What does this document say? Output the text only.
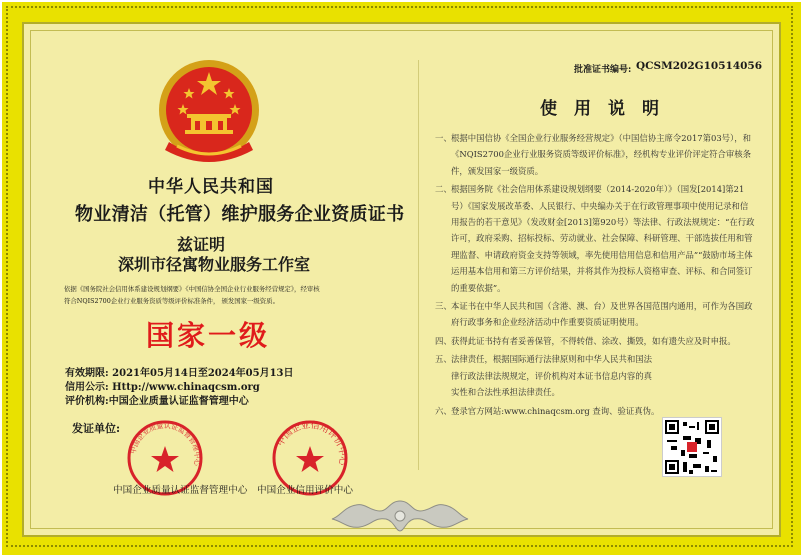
批准证书编号: QCSM202G10514056
中华人民共和国
物业清洁（托管）维护服务企业资质证书
兹证明
深圳市径寓物业服务工作室
依据《国务院社会信用体系建设规划纲要》《中国信协全国企业行业服务经营规定》，经审核
符合NQIS2700企业行业服务资质等级评价标准条件， 颁发国家一级资质。
国家一级
有效期限: 2021年05月14日至2024年05月13日
信用公示: Http://www.chinaqcsm.org
评价机构:中国企业质量认证监督管理中心
发证单位:
中国企业质量认证监督管理中心
中国企业信用评价中心
中国企业质量认证监督管理中心 中国企业信用评价中心
使　用　说　明
一、 根据中国信协《全国企业行业服务经营规定》（中国信协主席令2017第03号），和《NQIS2700企业行业服务资质等级评价标准》，经机构专业评价评定符合审核条件，颁发国家一级资质。
二、 根据国务院《社会信用体系建设规划纲要（2014-2020年）》（国发[2014]第21号）《国家发展改革委、人民银行、中央编办关于在行政管理事项中使用记录和信用报告的若干意见》（发改财金[2013]第920号）等法律、行政法规规定：“在行政许可，政府采购、招标投标、劳动就业、社会保障、科研管理、干部选拔任用和管理监督、申请政府资金支持等领域，率先使用信用信息和信用产品”“鼓励市场主体运用基本信用和第三方评价结果，并将其作为投标人资格审查、评标、和合同签订的重要依据”。
三、 本证书在中华人民共和国（含港、澳、台）及世界各国范围内通用，可作为各国政府行政事务和企业经济活动中作重要资质证明使用。
四、 获得此证书持有者妥善保管，不得转借、涂改、撕毁，如有遗失应及时申报。
五、 法律责任，根据国际通行法律原则和中华人民共和国法律行政法律法规规定，评价机构对本证书信息内容的真实性和合法性承担法律责任。
六、 登录官方网站:www.chinaqcsm.org 查询、验证真伪。
